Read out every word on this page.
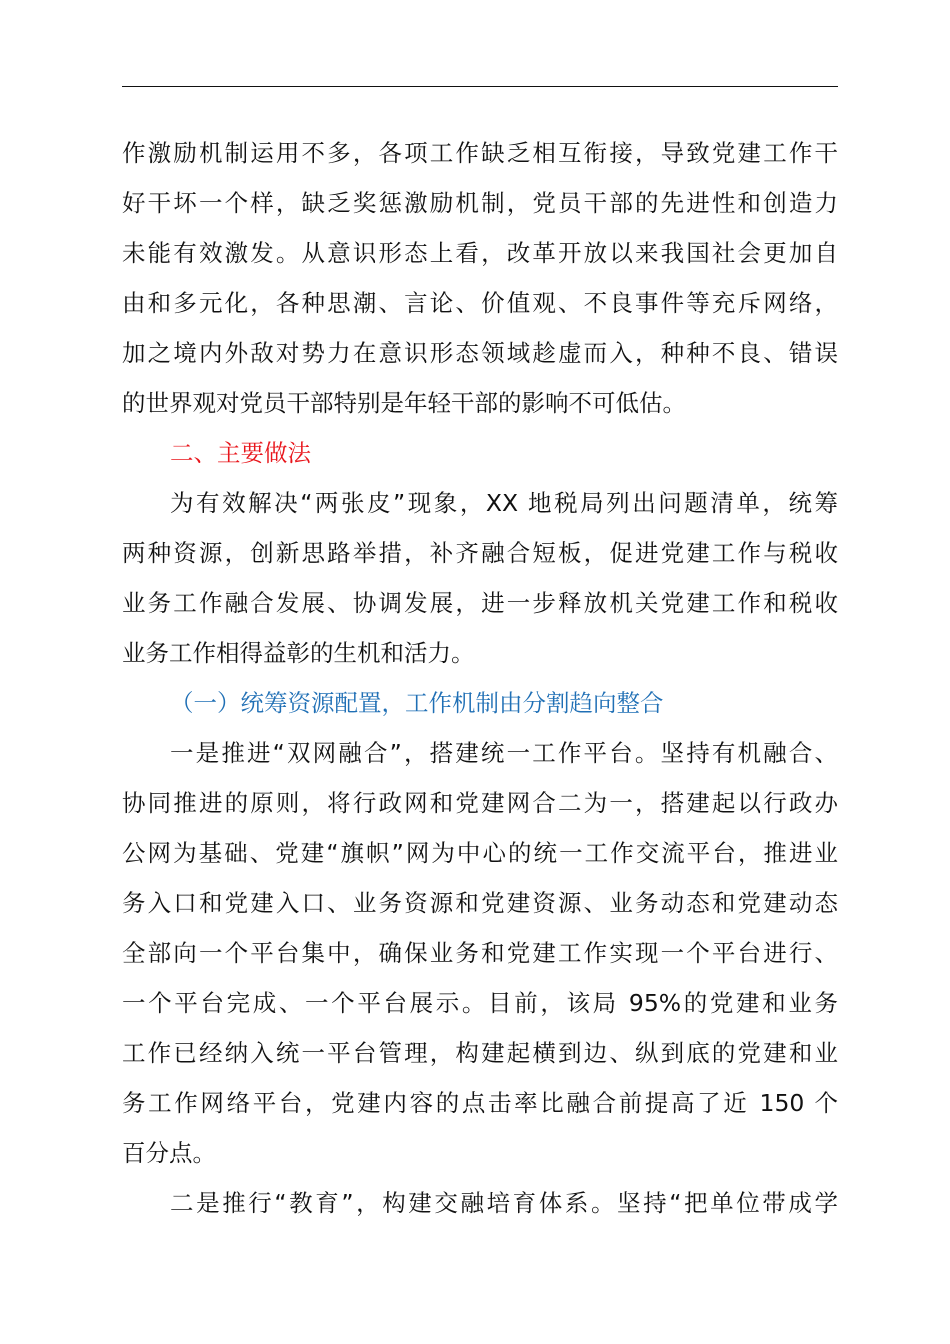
作激励机制运用不多，各项工作缺乏相互衔接，导致党建工作干
好干坏一个样，缺乏奖惩激励机制，党员干部的先进性和创造力
未能有效激发。从意识形态上看，改革开放以来我国社会更加自
由和多元化，各种思潮、言论、价值观、不良事件等充斥网络，
加之境内外敌对势力在意识形态领域趁虚而入，种种不良、错误
的世界观对党员干部特别是年轻干部的影响不可低估。
二、主要做法
为有效解决“两张皮”现象，XX 地税局列出问题清单，统筹
两种资源，创新思路举措，补齐融合短板，促进党建工作与税收
业务工作融合发展、协调发展，进一步释放机关党建工作和税收
业务工作相得益彰的生机和活力。
（一）统筹资源配置，工作机制由分割趋向整合
一是推进“双网融合”，搭建统一工作平台。坚持有机融合、
协同推进的原则，将行政网和党建网合二为一，搭建起以行政办
公网为基础、党建“旗帜”网为中心的统一工作交流平台，推进业
务入口和党建入口、业务资源和党建资源、业务动态和党建动态
全部向一个平台集中，确保业务和党建工作实现一个平台进行、
一个平台完成、一个平台展示。目前，该局 95%的党建和业务
工作已经纳入统一平台管理，构建起横到边、纵到底的党建和业
务工作网络平台，党建内容的点击率比融合前提高了近 150 个
百分点。
二是推行“教育”，构建交融培育体系。坚持“把单位带成学
